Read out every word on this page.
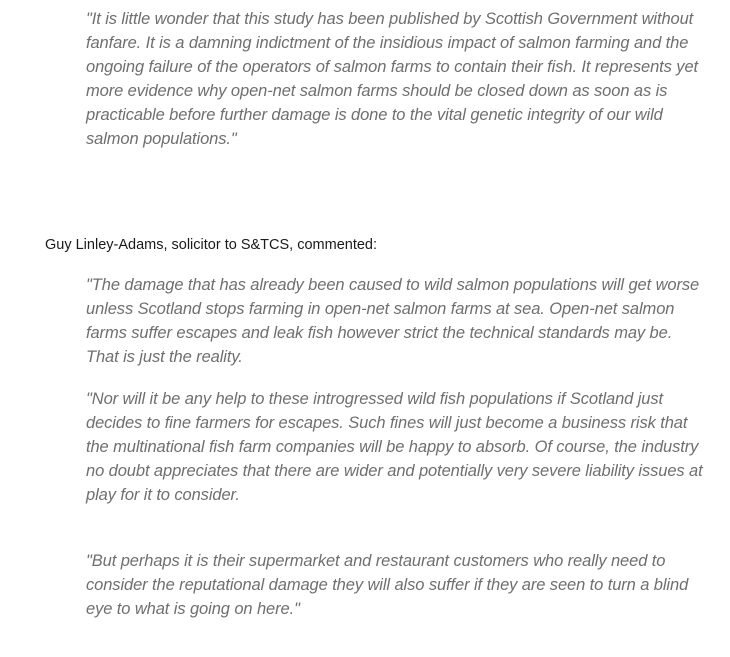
"It is little wonder that this study has been published by Scottish Government without fanfare. It is a damning indictment of the insidious impact of salmon farming and the ongoing failure of the operators of salmon farms to contain their fish. It represents yet more evidence why open-net salmon farms should be closed down as soon as is practicable before further damage is done to the vital genetic integrity of our wild salmon populations."

Guy Linley-Adams, solicitor to S&TCS, commented:

"The damage that has already been caused to wild salmon populations will get worse unless Scotland stops farming in open-net salmon farms at sea. Open-net salmon farms suffer escapes and leak fish however strict the technical standards may be. That is just the reality.

"Nor will it be any help to these introgressed wild fish populations if Scotland just decides to fine farmers for escapes. Such fines will just become a business risk that the multinational fish farm companies will be happy to absorb. Of course, the industry no doubt appreciates that there are wider and potentially very severe liability issues at play for it to consider.

"But perhaps it is their supermarket and restaurant customers who really need to consider the reputational damage they will also suffer if they are seen to turn a blind eye to what is going on here."
